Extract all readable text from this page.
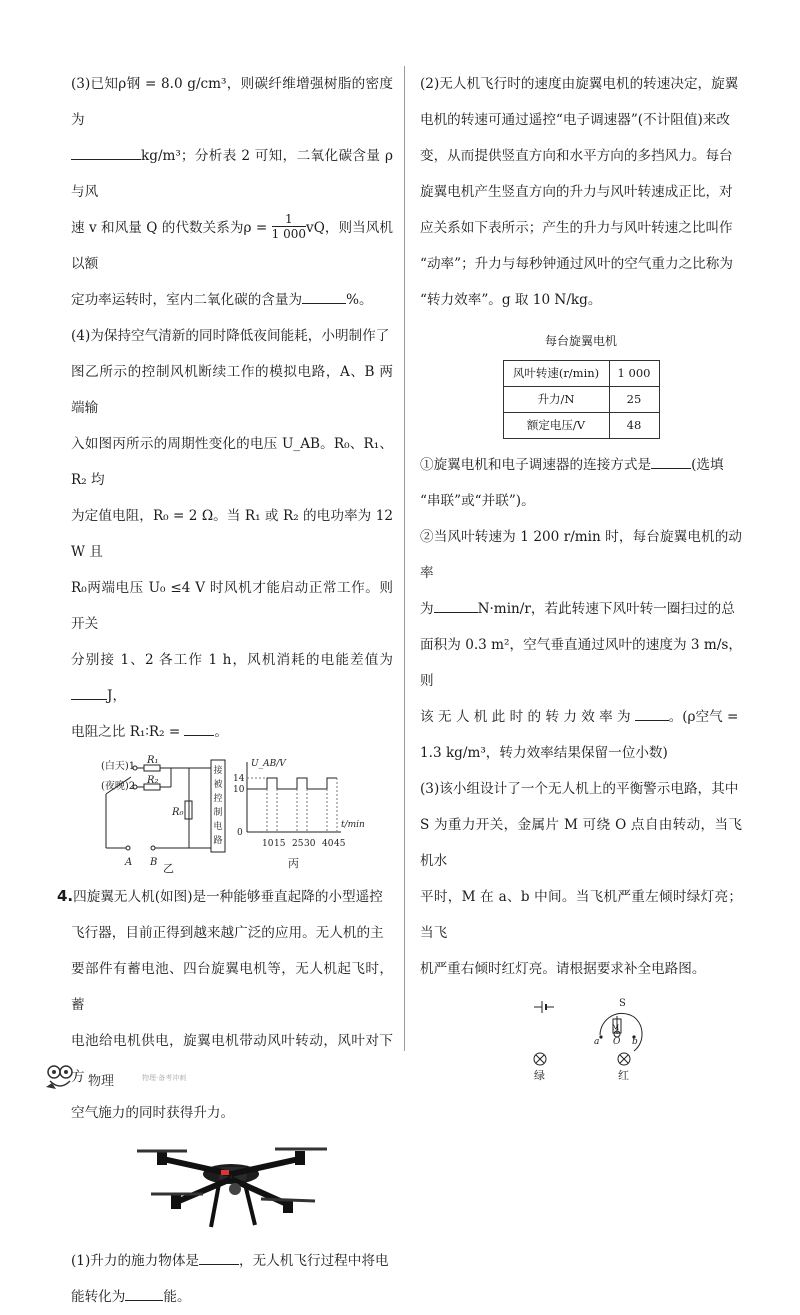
(3)已知ρ钢 = 8.0 g/cm³，则碳纤维增强树脂的密度为
kg/m³；分析表 2 可知，二氧化碳含量 ρ 与风
速 v 和风量 Q 的代数关系为$\rho = \frac{1}{1 000}$ vQ，则当风机以额
定功率运转时，室内二氧化碳的含量为	%。
(4)为保持空气清新的同时降低夜间能耗，小明制作了
图乙所示的控制风机断续工作的模拟电路，A、B 两端输
入如图丙所示的周期性变化的电压 U_AB。R₀、R₁、R₂ 均
为定值电阻，R₀ = 2 Ω。当 R₁ 或 R₂ 的电功率为 12 W 且
R₀两端电压 U₀ ≤4 V 时风机才能启动正常工作。则开关
分别接 1、2 各工作 1 h，风机消耗的电能差值为J，
电阻之比 R₁∶R₂ =	。
(白天)1
(夜晚)2
R₁
R₂
A B
R₀
接
被
控
制
电
路
乙
U_AB/V
14
10
0
t/min
10 15 25 30 40 45
丙
4.四旋翼无人机(如图)是一种能够垂直起降的小型遥控
飞行器，目前正得到越来越广泛的应用。无人机的主
要部件有蓄电池、四台旋翼电机等，无人机起飞时，蓄
电池给电机供电，旋翼电机带动风叶转动，风叶对下方
空气施力的同时获得升力。
(1)升力的施力物体是	，无人机飞行过程中将电
能转化为	能。
(2)无人机飞行时的速度由旋翼电机的转速决定，旋翼
电机的转速可通过遥控“电子调速器”(不计阻值)来改
变，从而提供竖直方向和水平方向的多挡风力。每台
旋翼电机产生竖直方向的升力与风叶转速成正比，对
应关系如下表所示；产生的升力与风叶转速之比叫作
“动率”；升力与每秒钟通过风叶的空气重力之比称为
“转力效率”。g 取 10 N/kg。
每台旋翼电机
风叶转速(r/min)	1 000
升力/N	25
额定电压/V	48
①旋翼电机和电子调速器的连接方式是	(选填
“串联”或“并联”)。
②当风叶转速为 1 200 r/min 时，每台旋翼电机的动率
为	N·min/r，若此转速下风叶转一圈扫过的总
面积为 0.3 m²，空气垂直通过风叶的速度为 3 m/s，则
该 无 人 机 此 时 的 转 力 效 率 为	。(ρ空气 =
1.3 kg/m³，转力效率结果保留一位小数)
(3)该小组设计了一个无人机上的平衡警示电路，其中
S 为重力开关，金属片 M 可绕 O 点自由转动，当飞机水
平时，M 在 a、b 中间。当飞机严重左倾时绿灯亮；当飞
机严重右倾时红灯亮。请根据要求补全电路图。
S
M
a O b
绿	红
物理	物理·备考冲刺
